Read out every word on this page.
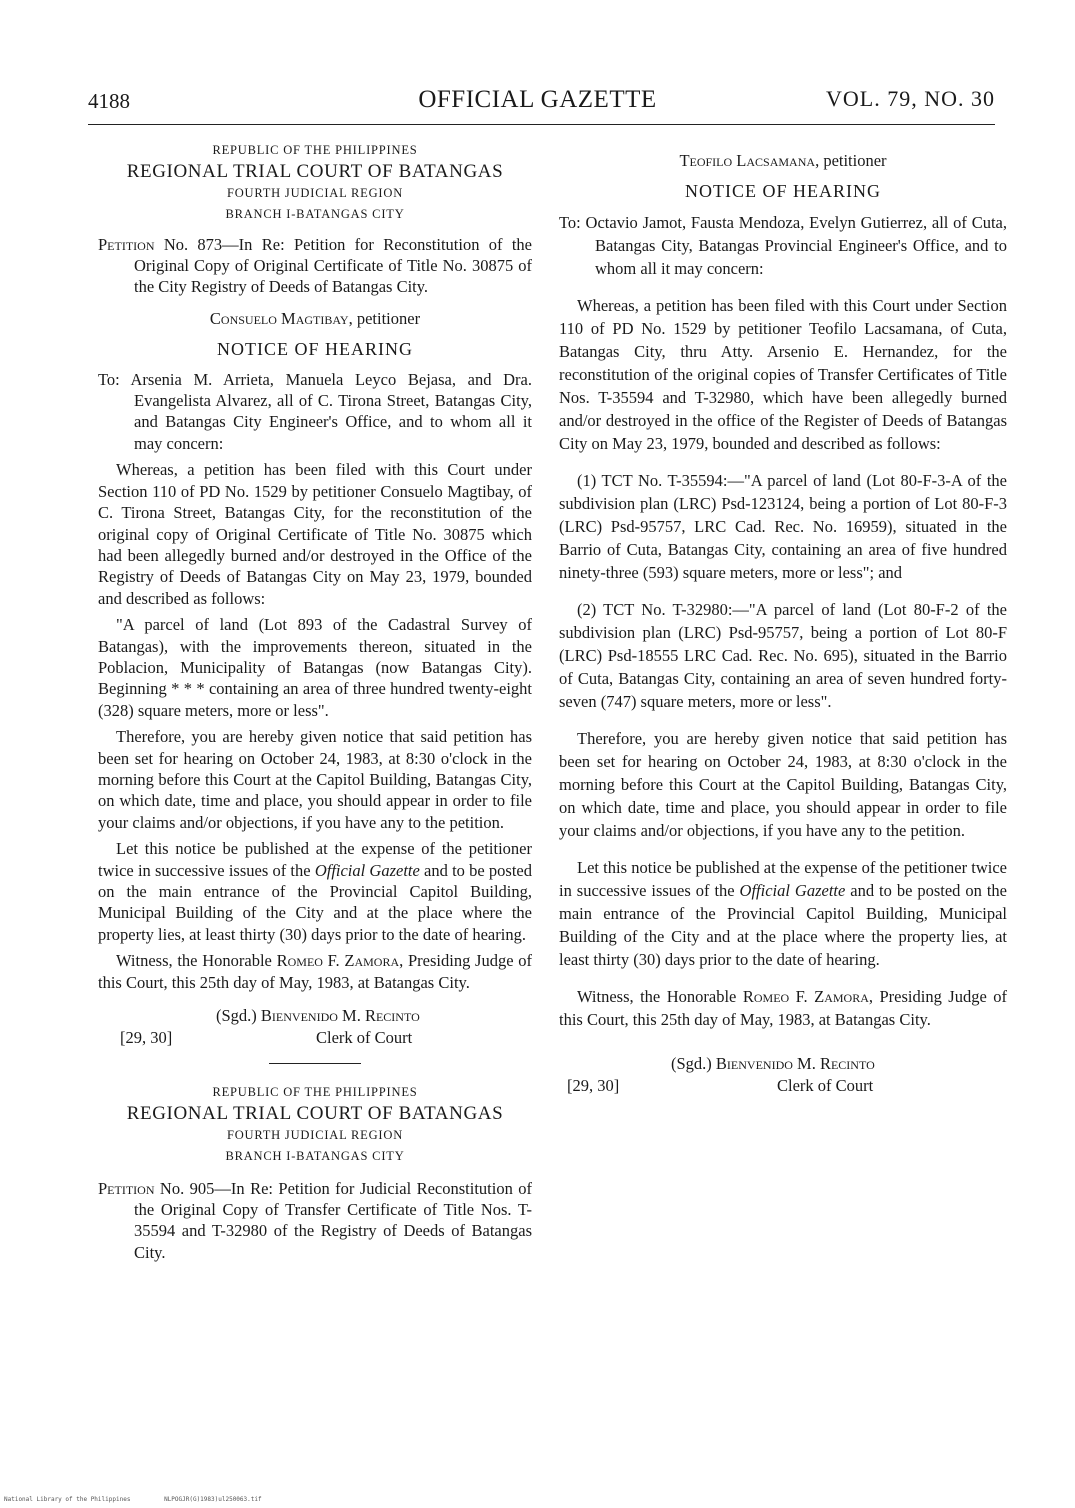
4188	OFFICIAL GAZETTE	VOL. 79, NO. 30
REPUBLIC OF THE PHILIPPINES
REGIONAL TRIAL COURT OF BATANGAS
FOURTH JUDICIAL REGION
BRANCH I-BATANGAS CITY

Petition No. 873—In Re: Petition for Reconstitution of the Original Copy of Original Certificate of Title No. 30875 of the City Registry of Deeds of Batangas City.

Consuelo Magtibay, petitioner
NOTICE OF HEARING

To: Arsenia M. Arrieta, Manuela Leyco Bejasa, and Dra. Evangelista Alvarez, all of C. Tirona Street, Batangas City, and Batangas City Engineer's Office, and to whom all it may concern:

Whereas, a petition has been filed with this Court under Section 110 of PD No. 1529 by petitioner Consuelo Magtibay, of C. Tirona Street, Batangas City, for the reconstitution of the original copy of Original Certificate of Title No. 30875 which had been allegedly burned and/or destroyed in the Office of the Registry of Deeds of Batangas City on May 23, 1979, bounded and described as follows:

"A parcel of land (Lot 893 of the Cadastral Survey of Batangas), with the improvements thereon, situated in the Poblacion, Municipality of Batangas (now Batangas City). Beginning * * * containing an area of three hundred twenty-eight (328) square meters, more or less".

Therefore, you are hereby given notice that said petition has been set for hearing on October 24, 1983, at 8:30 o'clock in the morning before this Court at the Capitol Building, Batangas City, on which date, time and place, you should appear in order to file your claims and/or objections, if you have any to the petition.

Let this notice be published at the expense of the petitioner twice in successive issues of the Official Gazette and to be posted on the main entrance of the Provincial Capitol Building, Municipal Building of the City and at the place where the property lies, at least thirty (30) days prior to the date of hearing.

Witness, the Honorable Romeo F. Zamora, Presiding Judge of this Court, this 25th day of May, 1983, at Batangas City.

(Sgd.) Bienvenido M. Recinto
[29, 30]	Clerk of Court
REPUBLIC OF THE PHILIPPINES
REGIONAL TRIAL COURT OF BATANGAS
FOURTH JUDICIAL REGION
BRANCH I-BATANGAS CITY

Petition No. 905—In Re: Petition for Judicial Reconstitution of the Original Copy of Transfer Certificate of Title Nos. T-35594 and T-32980 of the Registry of Deeds of Batangas City.

Teofilo Lacsamana, petitioner
NOTICE OF HEARING

To: Octavio Jamot, Fausta Mendoza, Evelyn Gutierrez, all of Cuta, Batangas City, Batangas Provincial Engineer's Office, and to whom all it may concern:

Whereas, a petition has been filed with this Court under Section 110 of PD No. 1529 by petitioner Teofilo Lacsamana, of Cuta, Batangas City, thru Atty. Arsenio E. Hernandez, for the reconstitution of the original copies of Transfer Certificates of Title Nos. T-35594 and T-32980, which have been allegedly burned and/or destroyed in the office of the Register of Deeds of Batangas City on May 23, 1979, bounded and described as follows:

(1) TCT No. T-35594:—"A parcel of land (Lot 80-F-3-A of the subdivision plan (LRC) Psd-123124, being a portion of Lot 80-F-3 (LRC) Psd-95757, LRC Cad. Rec. No. 16959), situated in the Barrio of Cuta, Batangas City, containing an area of five hundred ninety-three (593) square meters, more or less"; and

(2) TCT No. T-32980:—"A parcel of land (Lot 80-F-2 of the subdivision plan (LRC) Psd-95757, being a portion of Lot 80-F (LRC) Psd-18555 LRC Cad. Rec. No. 695), situated in the Barrio of Cuta, Batangas City, containing an area of seven hundred forty-seven (747) square meters, more or less".

Therefore, you are hereby given notice that said petition has been set for hearing on October 24, 1983, at 8:30 o'clock in the morning before this Court at the Capitol Building, Batangas City, on which date, time and place, you should appear in order to file your claims and/or objections, if you have any to the petition.

Let this notice be published at the expense of the petitioner twice in successive issues of the Official Gazette and to be posted on the main entrance of the Provincial Capitol Building, Municipal Building of the City and at the place where the property lies, at least thirty (30) days prior to the date of hearing.

Witness, the Honorable Romeo F. Zamora, Presiding Judge of this Court, this 25th day of May, 1983, at Batangas City.

(Sgd.) Bienvenido M. Recinto
[29, 30]	Clerk of Court
National Library of the Philippines	NLPOGJR(G)1983)ul250063.tif
